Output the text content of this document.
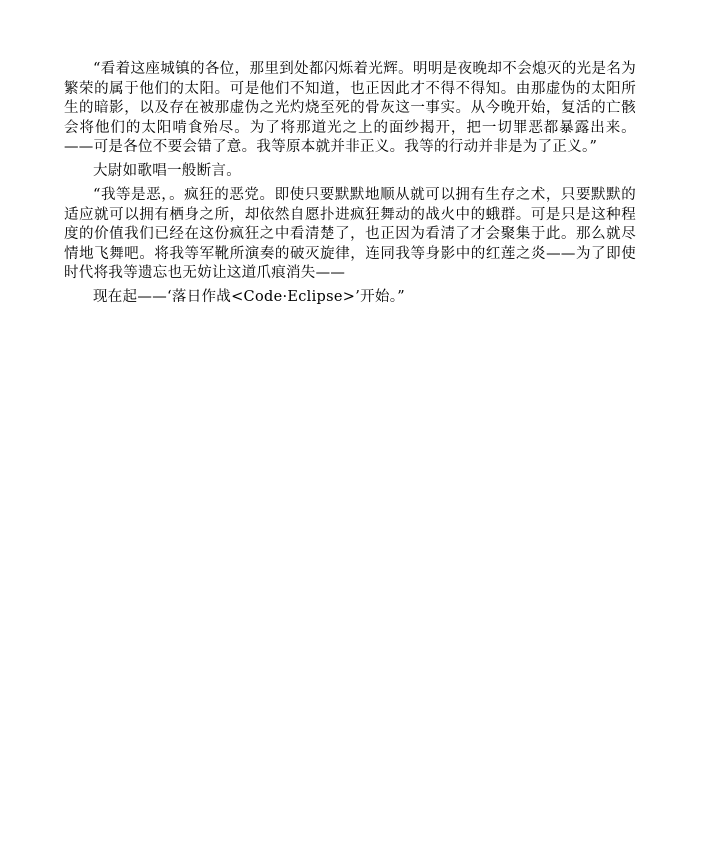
“看着这座城镇的各位，那里到处都闪烁着光辉。明明是夜晚却不会熄灭的光是名为繁荣的属于他们的太阳。可是他们不知道，也正因此才不得不得知。由那虚伪的太阳所生的暗影，以及存在被那虚伪之光灼烧至死的骨灰这一事实。从今晚开始，复活的亡骸会将他们的太阳啃食殆尽。为了将那道光之上的面纱揭开，把一切罪恶都暴露出来。——可是各位不要会错了意。我等原本就并非正义。我等的行动并非是为了正义。”

大尉如歌唱一般断言。

“我等是恶，。疯狂的恶党。即使只要默默地顺从就可以拥有生存之术，只要默默的适应就可以拥有栖身之所，却依然自愿扑进疯狂舞动的战火中的蛾群。可是只是这种程度的价值我们已经在这份疯狂之中看清楚了，也正因为看清了才会聚集于此。那么就尽情地飞舞吧。将我等军靴所演奏的破灭旋律，连同我等身影中的红莲之炎——为了即使时代将我等遗忘也无妨让这道爪痕消失——

现在起——‘落日作战<Code·Eclipse>’开始。”
